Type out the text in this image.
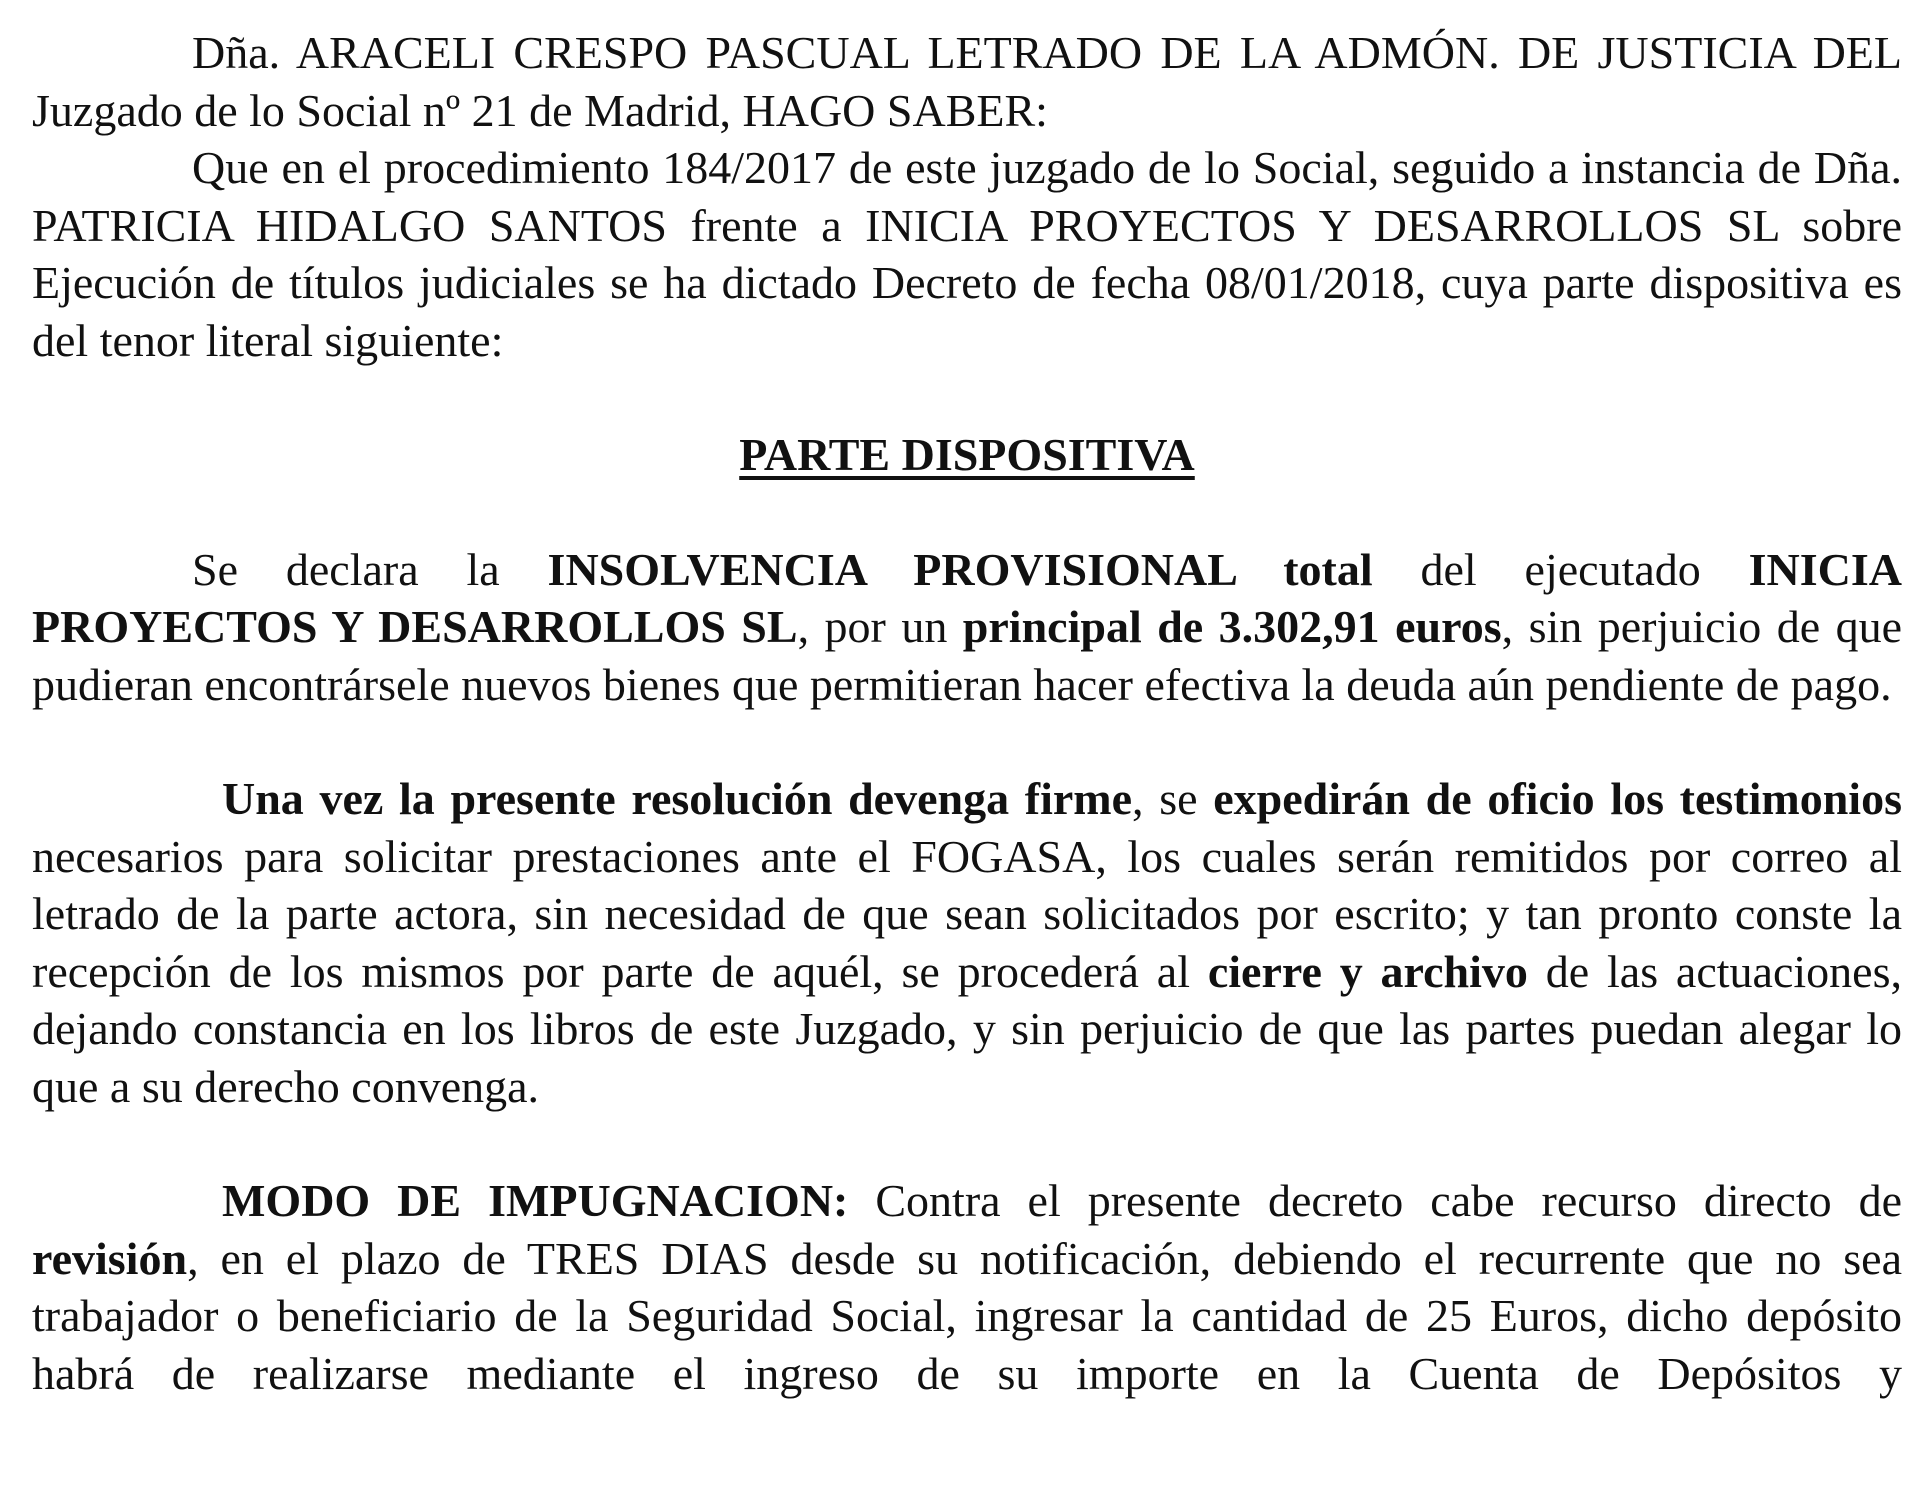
Dña. ARACELI CRESPO PASCUAL LETRADO DE LA ADMÓN. DE JUSTICIA DEL Juzgado de lo Social nº 21 de Madrid, HAGO SABER:

Que en el procedimiento 184/2017 de este juzgado de lo Social, seguido a instancia de Dña. PATRICIA HIDALGO SANTOS frente a INICIA PROYECTOS Y DESARROLLOS SL sobre Ejecución de títulos judiciales se ha dictado Decreto de fecha 08/01/2018, cuya parte dispositiva es del tenor literal siguiente:

PARTE DISPOSITIVA

Se declara la INSOLVENCIA PROVISIONAL total del ejecutado INICIA PROYECTOS Y DESARROLLOS SL, por un principal de 3.302,91 euros, sin perjuicio de que pudieran encontrársele nuevos bienes que permitieran hacer efectiva la deuda aún pendiente de pago.

Una vez la presente resolución devenga firme, se expedirán de oficio los testimonios necesarios para solicitar prestaciones ante el FOGASA, los cuales serán remitidos por correo al letrado de la parte actora, sin necesidad de que sean solicitados por escrito; y tan pronto conste la recepción de los mismos por parte de aquél, se procederá al cierre y archivo de las actuaciones, dejando constancia en los libros de este Juzgado, y sin perjuicio de que las partes puedan alegar lo que a su derecho convenga.

MODO DE IMPUGNACION: Contra el presente decreto cabe recurso directo de revisión, en el plazo de TRES DIAS desde su notificación, debiendo el recurrente que no sea trabajador o beneficiario de la Seguridad Social, ingresar la cantidad de 25 Euros, dicho depósito habrá de realizarse mediante el ingreso de su importe en la Cuenta de Depósitos y
